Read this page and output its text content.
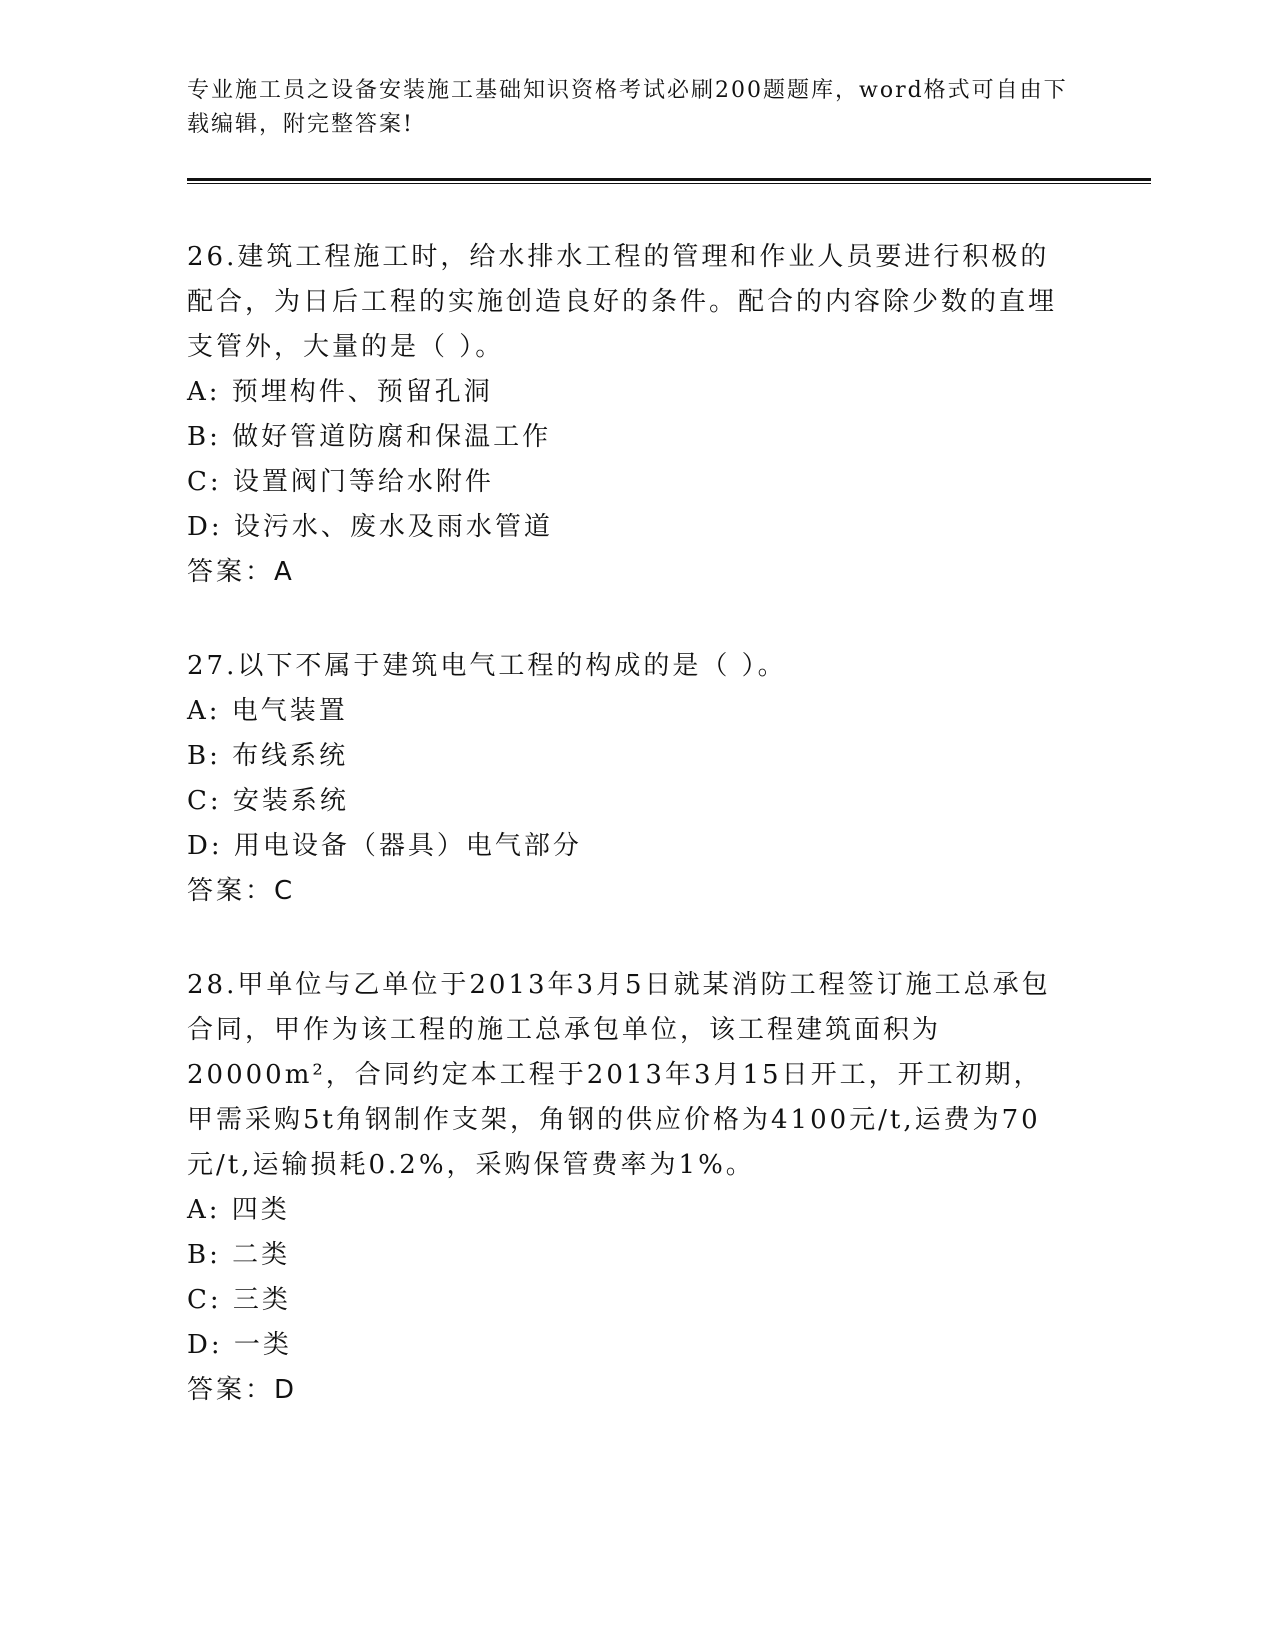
专业施工员之设备安装施工基础知识资格考试必刷200题题库，word格式可自由下载编辑，附完整答案!
26.建筑工程施工时，给水排水工程的管理和作业人员要进行积极的配合，为日后工程的实施创造良好的条件。配合的内容除少数的直埋支管外，大量的是（ ）。
A: 预埋构件、预留孔洞
B: 做好管道防腐和保温工作
C: 设置阀门等给水附件
D: 设污水、废水及雨水管道
答案：A
27.以下不属于建筑电气工程的构成的是（ ）。
A: 电气装置
B: 布线系统
C: 安装系统
D: 用电设备（器具）电气部分
答案：C
28.甲单位与乙单位于2013年3月5日就某消防工程签订施工总承包合同，甲作为该工程的施工总承包单位，该工程建筑面积为20000m²，合同约定本工程于2013年3月15日开工，开工初期，甲需采购5t角钢制作支架，角钢的供应价格为4100元/t,运费为70元/t,运输损耗0.2%，采购保管费率为1%。
A: 四类
B: 二类
C: 三类
D: 一类
答案：D
